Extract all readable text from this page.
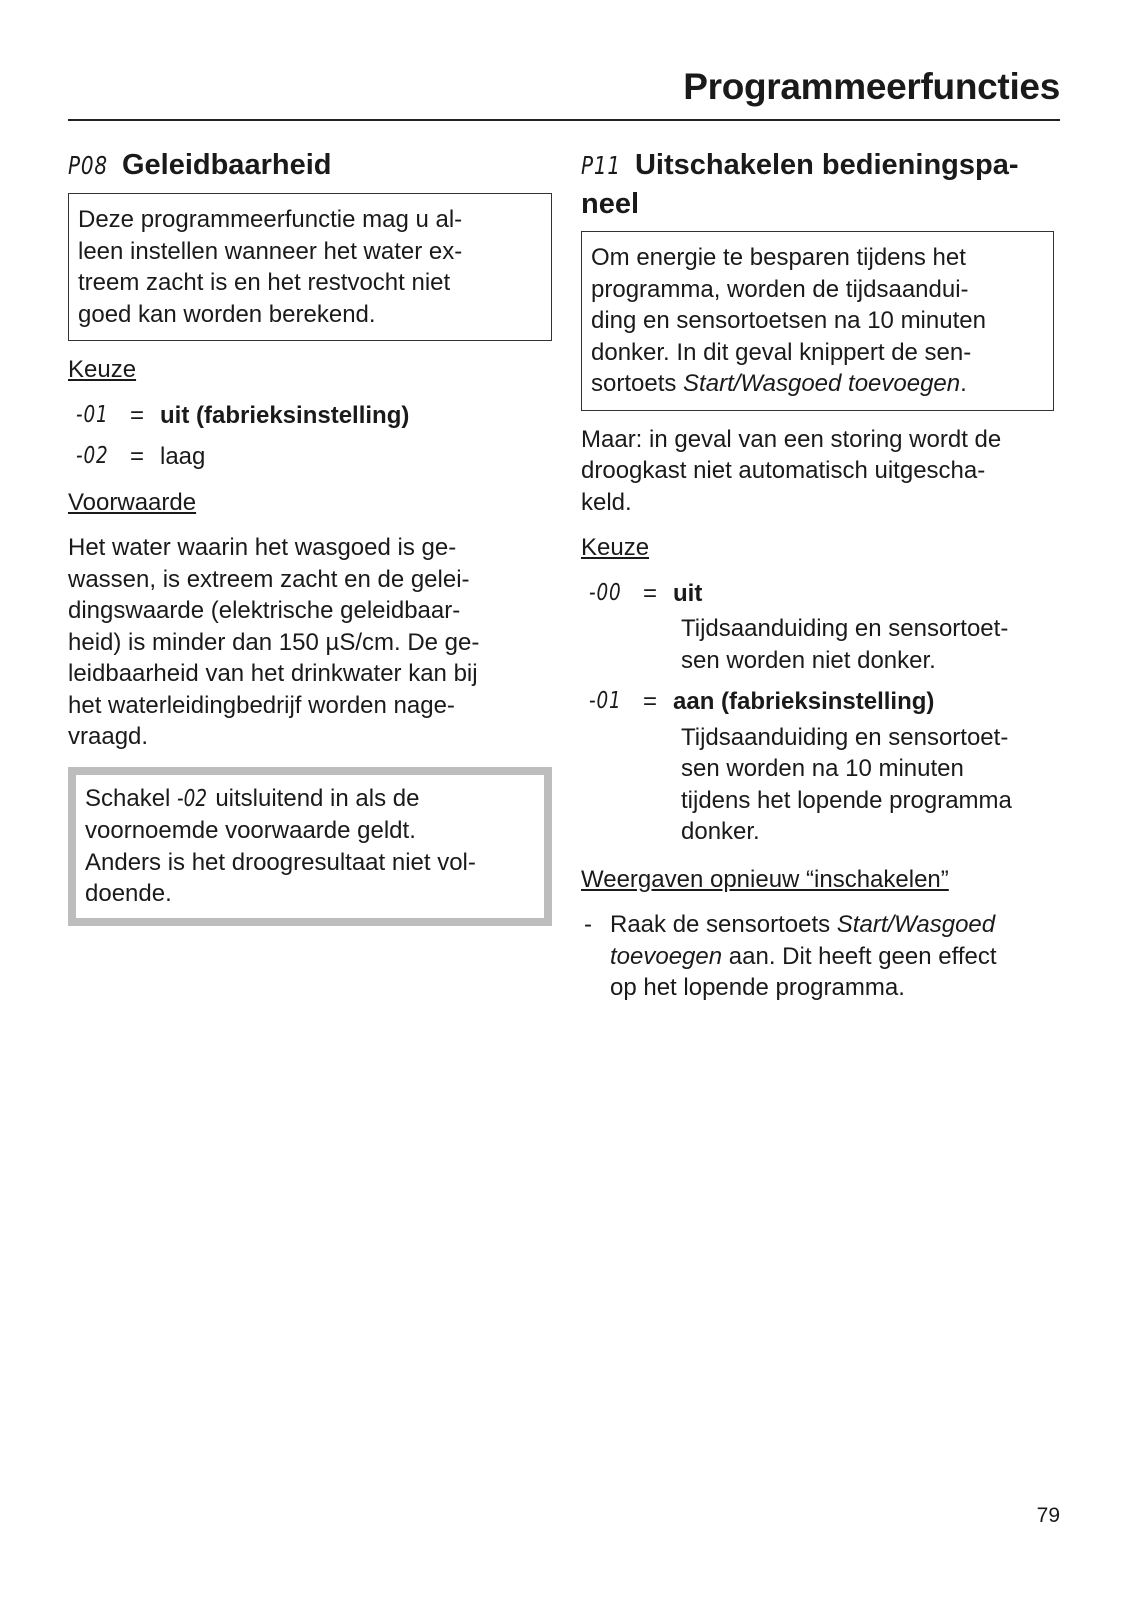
Programmeerfuncties
P08 Geleidbaarheid
Deze programmeerfunctie mag u al-
leen instellen wanneer het water ex-
treem zacht is en het restvocht niet
goed kan worden berekend.
Keuze
-01 = uit (fabrieksinstelling)
-02 = laag
Voorwaarde
Het water waarin het wasgoed is ge-
wassen, is extreem zacht en de gelei-
dingswaarde (elektrische geleidbaar-
heid) is minder dan 150 µS/cm. De ge-
leidbaarheid van het drinkwater kan bij
het waterleidingbedrijf worden nage-
vraagd.
Schakel -02 uitsluitend in als de
voornoemde voorwaarde geldt.
Anders is het droogresultaat niet vol-
doende.
P11 Uitschakelen bedieningspa-
neel
Om energie te besparen tijdens het
programma, worden de tijdsaandui-
ding en sensortoetsen na 10 minuten
donker. In dit geval knippert de sen-
sortoets Start/Wasgoed toevoegen.
Maar: in geval van een storing wordt de
droogkast niet automatisch uitgescha-
keld.
Keuze
-00 = uit
Tijdsaanduiding en sensortoet-
sen worden niet donker.
-01 = aan (fabrieksinstelling)
Tijdsaanduiding en sensortoet-
sen worden na 10 minuten
tijdens het lopende programma
donker.
Weergaven opnieuw “inschakelen”
- Raak de sensortoets Start/Wasgoed
toevoegen aan. Dit heeft geen effect
op het lopende programma.
79
